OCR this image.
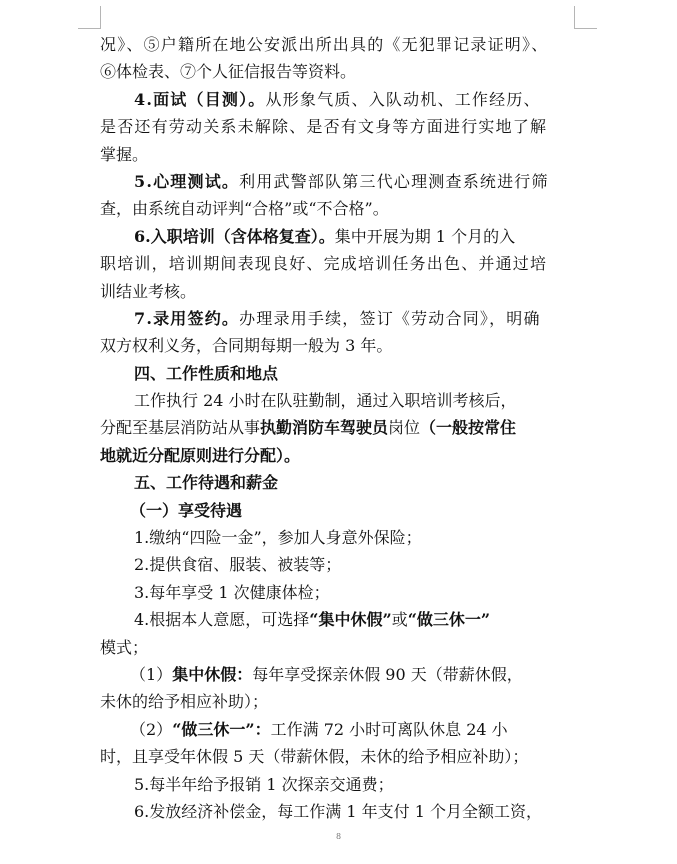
况》、⑤户籍所在地公安派出所出具的《无犯罪记录证明》、
⑥体检表、⑦个人征信报告等资料。
4.面试（目测）。从形象气质、入队动机、工作经历、
是否还有劳动关系未解除、是否有文身等方面进行实地了解
掌握。
5.心理测试。利用武警部队第三代心理测查系统进行筛
查，由系统自动评判“合格”或“不合格”。
6.入职培训（含体格复查）。集中开展为期 1 个月的入
职培训，培训期间表现良好、完成培训任务出色、并通过培
训结业考核。
7.录用签约。办理录用手续，签订《劳动合同》，明确
双方权利义务，合同期每期一般为 3 年。
四、工作性质和地点
工作执行 24 小时在队驻勤制，通过入职培训考核后，
分配至基层消防站从事执勤消防车驾驶员岗位（一般按常住
地就近分配原则进行分配）。
五、工作待遇和薪金
（一）享受待遇
1.缴纳“四险一金”，参加人身意外保险；
2.提供食宿、服装、被装等；
3.每年享受 1 次健康体检；
4.根据本人意愿，可选择“集中休假”或“做三休一”
模式；
（1）集中休假：每年享受探亲休假 90 天（带薪休假，
未休的给予相应补助）；
（2）“做三休一”：工作满 72 小时可离队休息 24 小
时，且享受年休假 5 天（带薪休假，未休的给予相应补助）；
5.每半年给予报销 1 次探亲交通费；
6.发放经济补偿金，每工作满 1 年支付 1 个月全额工资，
8
